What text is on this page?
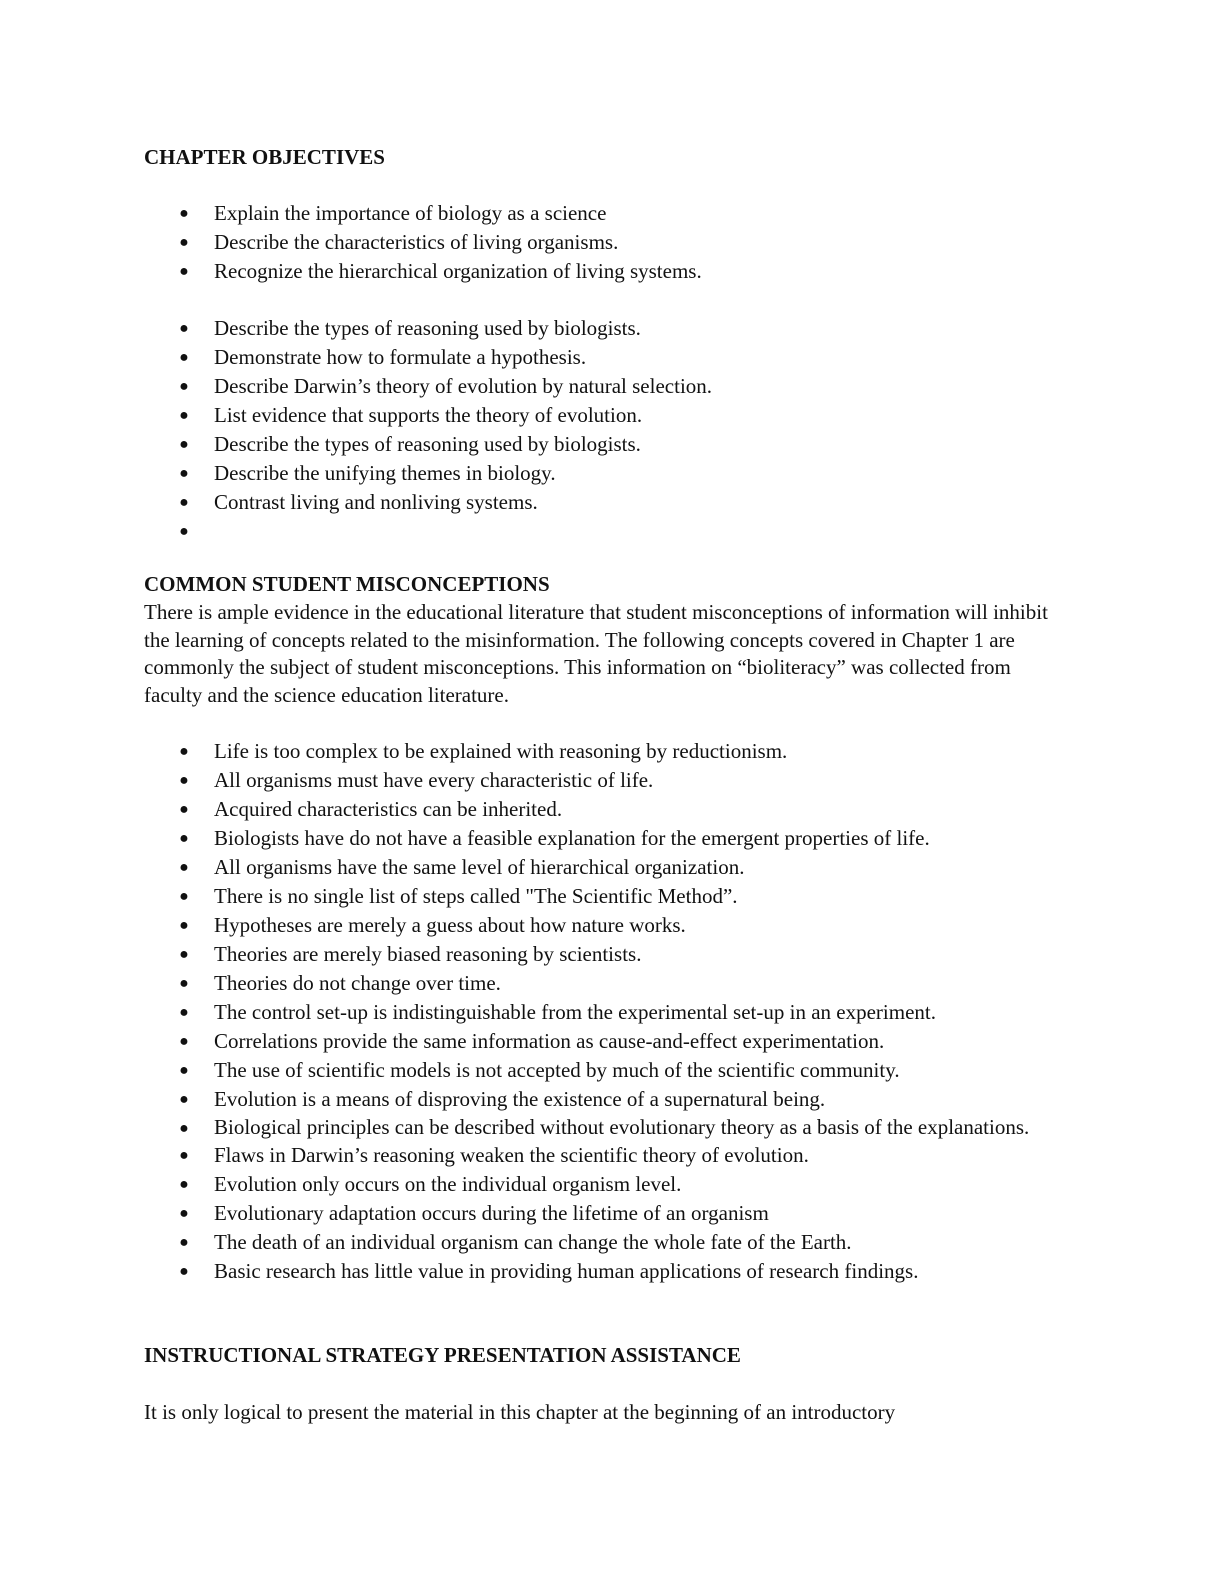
CHAPTER OBJECTIVES
● Explain the importance of biology as a science
● Describe the characteristics of living organisms.
● Recognize the hierarchical organization of living systems.
● Describe the types of reasoning used by biologists.
● Demonstrate how to formulate a hypothesis.
● Describe Darwin’s theory of evolution by natural selection.
● List evidence that supports the theory of evolution.
● Describe the types of reasoning used by biologists.
● Describe the unifying themes in biology.
● Contrast living and nonliving systems.
●

COMMON STUDENT MISCONCEPTIONS

There is ample evidence in the educational literature that student misconceptions of information will inhibit the learning of concepts related to the misinformation. The following concepts covered in Chapter 1 are commonly the subject of student misconceptions. This information on “bioliteracy” was collected from faculty and the science education literature.

● Life is too complex to be explained with reasoning by reductionism.
● All organisms must have every characteristic of life.
● Acquired characteristics can be inherited.
● Biologists have do not have a feasible explanation for the emergent properties of life.
● All organisms have the same level of hierarchical organization.
● There is no single list of steps called "The Scientific Method”.
● Hypotheses are merely a guess about how nature works.
● Theories are merely biased reasoning by scientists.
● Theories do not change over time.
● The control set-up is indistinguishable from the experimental set-up in an experiment.
● Correlations provide the same information as cause-and-effect experimentation.
● The use of scientific models is not accepted by much of the scientific community.
● Evolution is a means of disproving the existence of a supernatural being.
● Biological principles can be described without evolutionary theory as a basis of the explanations.
● Flaws in Darwin’s reasoning weaken the scientific theory of evolution.
● Evolution only occurs on the individual organism level.
● Evolutionary adaptation occurs during the lifetime of an organism
● The death of an individual organism can change the whole fate of the Earth.
● Basic research has little value in providing human applications of research findings.
INSTRUCTIONAL STRATEGY PRESENTATION ASSISTANCE

It is only logical to present the material in this chapter at the beginning of an introductory
